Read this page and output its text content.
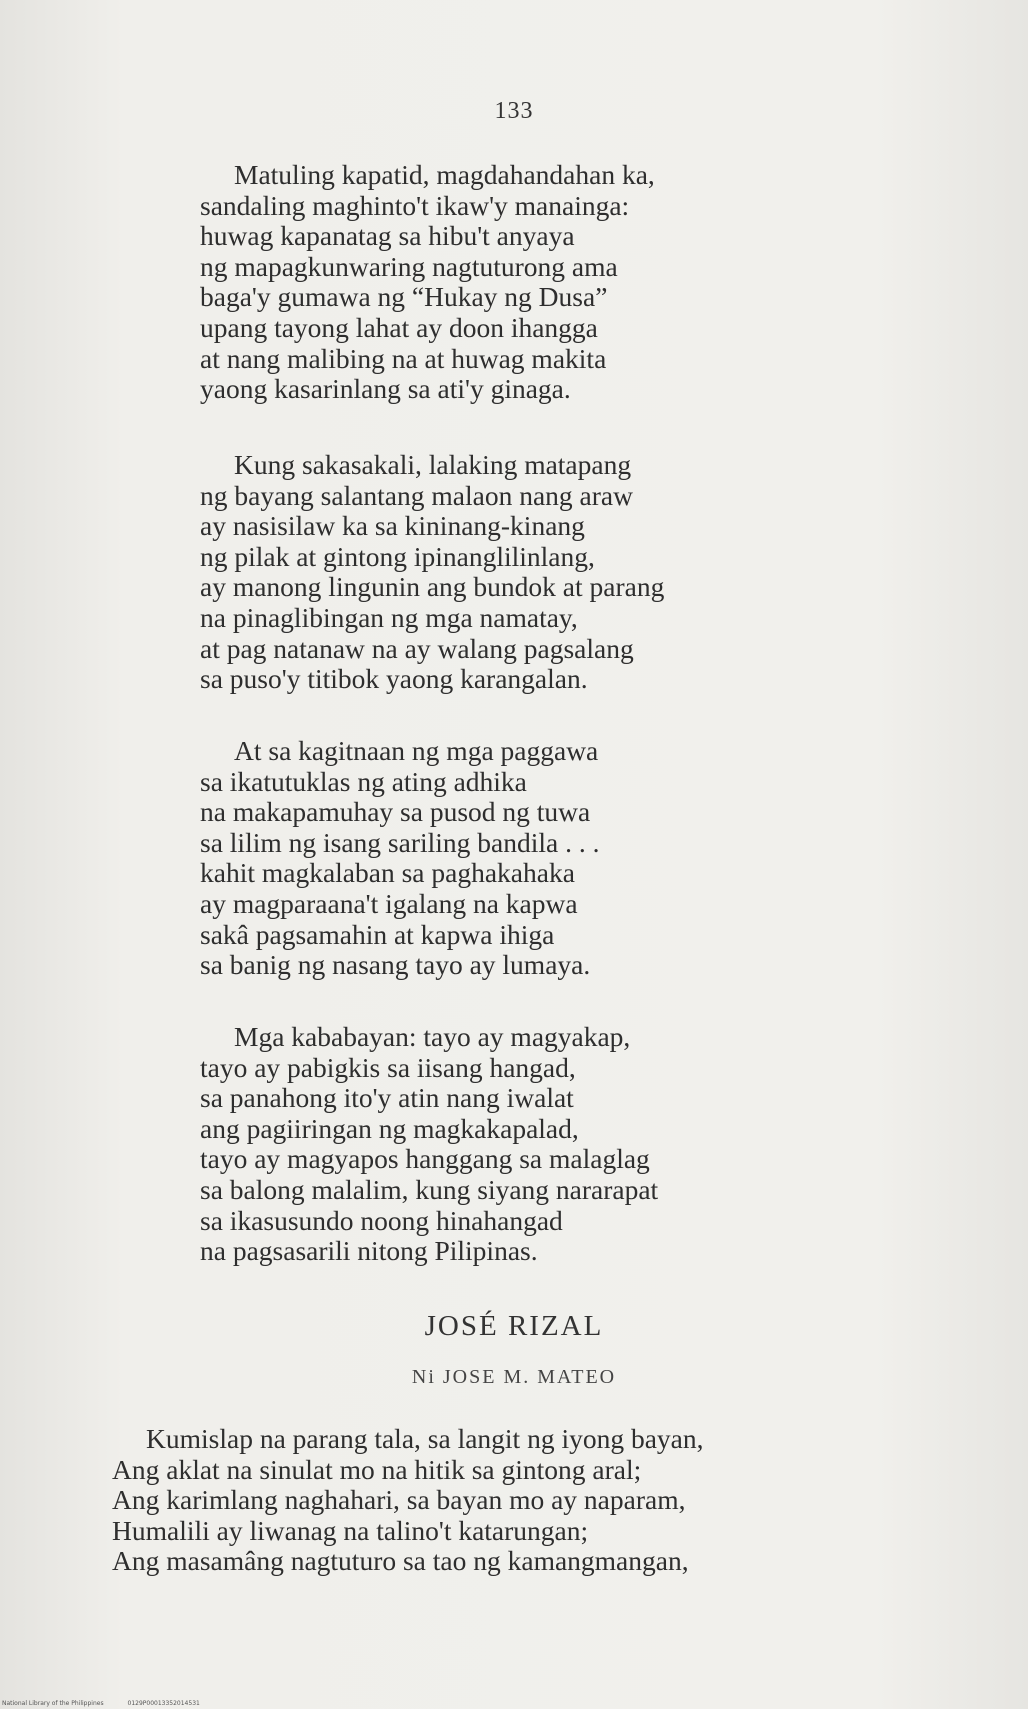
133
Matuling kapatid, magdahandahan ka,
sandaling maghinto't ikaw'y manainga:
huwag kapanatag sa hibu't anyaya
ng mapagkunwaring nagtuturong ama
baga'y gumawa ng “Hukay ng Dusa”
upang tayong lahat ay doon ihangga
at nang malibing na at huwag makita
yaong kasarinlang sa ati'y ginaga.
Kung sakasakali, lalaking matapang
ng bayang salantang malaon nang araw
ay nasisilaw ka sa kininang-kinang
ng pilak at gintong ipinanglilinlang,
ay manong lingunin ang bundok at parang
na pinaglibingan ng mga namatay,
at pag natanaw na ay walang pagsalang
sa puso'y titibok yaong karangalan.
At sa kagitnaan ng mga paggawa
sa ikatutuklas ng ating adhika
na makapamuhay sa pusod ng tuwa
sa lilim ng isang sariling bandila . . .
kahit magkalaban sa paghakahaka
ay magparaana't igalang na kapwa
sakâ pagsamahin at kapwa ihiga
sa banig ng nasang tayo ay lumaya.
Mga kababayan: tayo ay magyakap,
tayo ay pabigkis sa iisang hangad,
sa panahong ito'y atin nang iwalat
ang pagiiringan ng magkakapalad,
tayo ay magyapos hanggang sa malaglag
sa balong malalim, kung siyang nararapat
sa ikasusundo noong hinahangad
na pagsasarili nitong Pilipinas.
JOSÉ RIZAL
Ni JOSE M. MATEO
Kumislap na parang tala, sa langit ng iyong bayan,
Ang aklat na sinulat mo na hitik sa gintong aral;
Ang karimlang naghahari, sa bayan mo ay naparam,
Humalili ay liwanag na talino't katarungan;
Ang masamâng nagtuturo sa tao ng kamangmangan,
National Library of the Philippines	0129P00013352014531
